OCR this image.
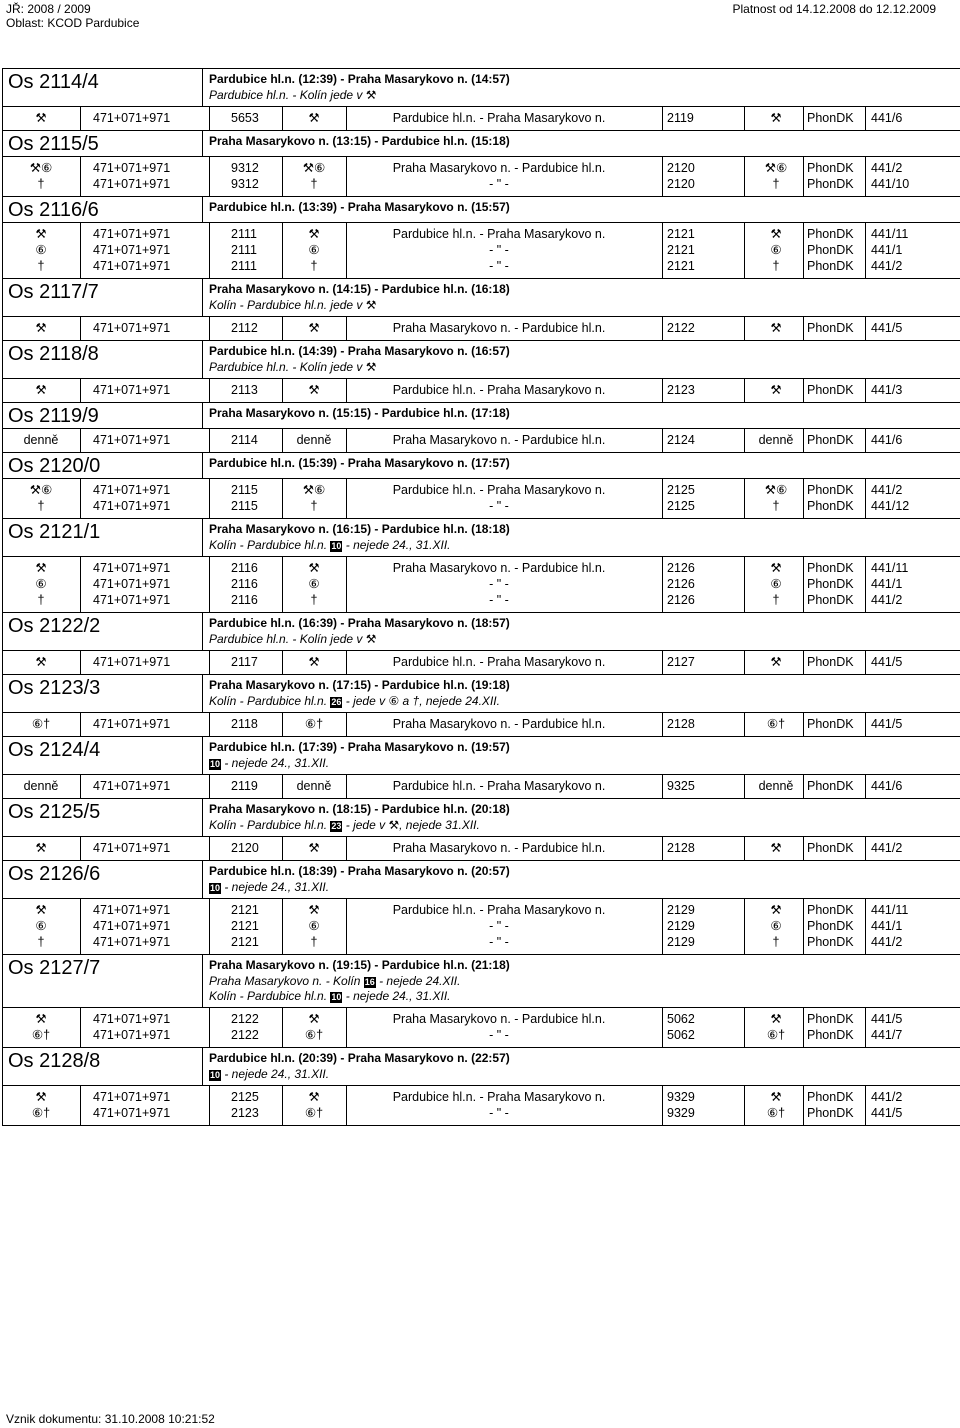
JŘ: 2008 / 2009
Oblast: KCOD Pardubice
Platnost od 14.12.2008 do 12.12.2009
Os 2114/4	Pardubice hl.n. (12:39) - Praha Masarykovo n. (14:57)
Pardubice hl.n. - Kolín jede v ⚒
⚒	471+071+971	5653	⚒	Pardubice hl.n. - Praha Masarykovo n.	2119	⚒	PhonDK 441/6
Os 2115/5	Praha Masarykovo n. (13:15) - Pardubice hl.n. (15:18)
⚒⑥	471+071+971	9312	⚒⑥	Praha Masarykovo n. - Pardubice hl.n.	2120	⚒⑥	PhonDK 441/2
†	471+071+971	9312	†	- " -	2120	†	PhonDK 441/10
Os 2116/6	Pardubice hl.n. (13:39) - Praha Masarykovo n. (15:57)
⚒	471+071+971	2111	⚒	Pardubice hl.n. - Praha Masarykovo n.	2121	⚒	PhonDK 441/11
⑥	471+071+971	2111	⑥	- " -	2121	⑥	PhonDK 441/1
†	471+071+971	2111	†	- " -	2121	†	PhonDK 441/2
Os 2117/7	Praha Masarykovo n. (14:15) - Pardubice hl.n. (16:18)
Kolín - Pardubice hl.n. jede v ⚒
⚒	471+071+971	2112	⚒	Praha Masarykovo n. - Pardubice hl.n.	2122	⚒	PhonDK 441/5
Os 2118/8	Pardubice hl.n. (14:39) - Praha Masarykovo n. (16:57)
Pardubice hl.n. - Kolín jede v ⚒
⚒	471+071+971	2113	⚒	Pardubice hl.n. - Praha Masarykovo n.	2123	⚒	PhonDK 441/3
Os 2119/9	Praha Masarykovo n. (15:15) - Pardubice hl.n. (17:18)
denně	471+071+971	2114	denně	Praha Masarykovo n. - Pardubice hl.n.	2124	denně	PhonDK 441/6
Os 2120/0	Pardubice hl.n. (15:39) - Praha Masarykovo n. (17:57)
⚒⑥	471+071+971	2115	⚒⑥	Pardubice hl.n. - Praha Masarykovo n.	2125	⚒⑥	PhonDK 441/2
†	471+071+971	2115	†	- " -	2125	†	PhonDK 441/12
Os 2121/1	Praha Masarykovo n. (16:15) - Pardubice hl.n. (18:18)
Kolín - Pardubice hl.n. 10 - nejede 24., 31.XII.
⚒	471+071+971	2116	⚒	Praha Masarykovo n. - Pardubice hl.n.	2126	⚒	PhonDK 441/11
⑥	471+071+971	2116	⑥	- " -	2126	⑥	PhonDK 441/1
†	471+071+971	2116	†	- " -	2126	†	PhonDK 441/2
Os 2122/2	Pardubice hl.n. (16:39) - Praha Masarykovo n. (18:57)
Pardubice hl.n. - Kolín jede v ⚒
⚒	471+071+971	2117	⚒	Pardubice hl.n. - Praha Masarykovo n.	2127	⚒	PhonDK 441/5
Os 2123/3	Praha Masarykovo n. (17:15) - Pardubice hl.n. (19:18)
Kolín - Pardubice hl.n. 26 - jede v ⑥ a †, nejede 24.XII.
⑥†	471+071+971	2118	⑥†	Praha Masarykovo n. - Pardubice hl.n.	2128	⑥†	PhonDK 441/5
Os 2124/4	Pardubice hl.n. (17:39) - Praha Masarykovo n. (19:57)
10 - nejede 24., 31.XII.
denně	471+071+971	2119	denně	Pardubice hl.n. - Praha Masarykovo n.	9325	denně	PhonDK 441/6
Os 2125/5	Praha Masarykovo n. (18:15) - Pardubice hl.n. (20:18)
Kolín - Pardubice hl.n. 23 - jede v ⚒, nejede 31.XII.
⚒	471+071+971	2120	⚒	Praha Masarykovo n. - Pardubice hl.n.	2128	⚒	PhonDK 441/2
Os 2126/6	Pardubice hl.n. (18:39) - Praha Masarykovo n. (20:57)
10 - nejede 24., 31.XII.
⚒	471+071+971	2121	⚒	Pardubice hl.n. - Praha Masarykovo n.	2129	⚒	PhonDK 441/11
⑥	471+071+971	2121	⑥	- " -	2129	⑥	PhonDK 441/1
†	471+071+971	2121	†	- " -	2129	†	PhonDK 441/2
Os 2127/7	Praha Masarykovo n. (19:15) - Pardubice hl.n. (21:18)
Praha Masarykovo n. - Kolín 16 - nejede 24.XII.
Kolín - Pardubice hl.n. 10 - nejede 24., 31.XII.
⚒	471+071+971	2122	⚒	Praha Masarykovo n. - Pardubice hl.n.	5062	⚒	PhonDK 441/5
⑥†	471+071+971	2122	⑥†	- " -	5062	⑥†	PhonDK 441/7
Os 2128/8	Pardubice hl.n. (20:39) - Praha Masarykovo n. (22:57)
10 - nejede 24., 31.XII.
⚒	471+071+971	2125	⚒	Pardubice hl.n. - Praha Masarykovo n.	9329	⚒	PhonDK 441/2
⑥†	471+071+971	2123	⑥†	- " -	9329	⑥†	PhonDK 441/5
Vznik dokumentu: 31.10.2008 10:21:52
